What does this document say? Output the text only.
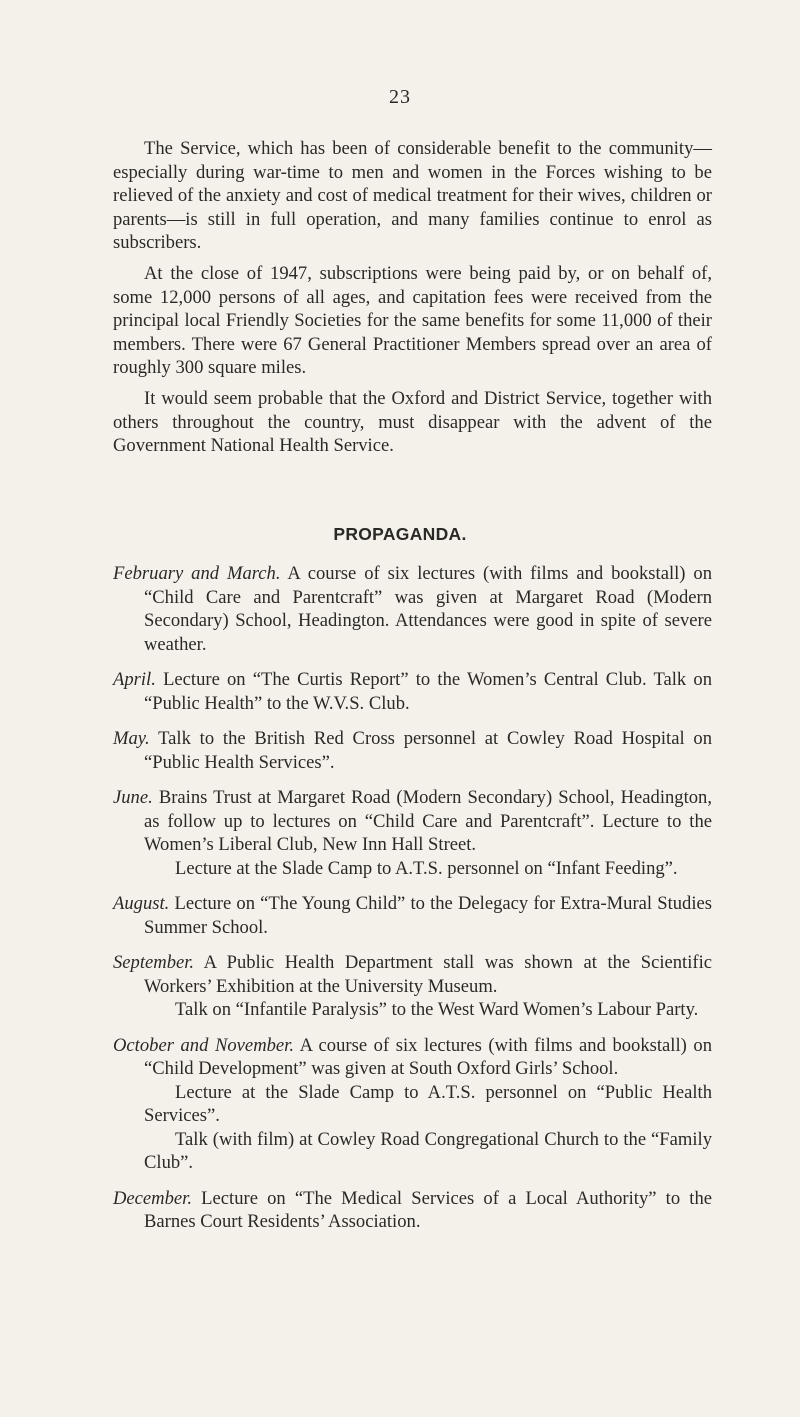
23

The Service, which has been of considerable benefit to the community—especially during war-time to men and women in the Forces wishing to be relieved of the anxiety and cost of medical treatment for their wives, children or parents—is still in full operation, and many families continue to enrol as subscribers.

At the close of 1947, subscriptions were being paid by, or on behalf of, some 12,000 persons of all ages, and capitation fees were received from the principal local Friendly Societies for the same benefits for some 11,000 of their members. There were 67 General Practitioner Members spread over an area of roughly 300 square miles.

It would seem probable that the Oxford and District Service, together with others throughout the country, must disappear with the advent of the Government National Health Service.

PROPAGANDA.

February and March. A course of six lectures (with films and bookstall) on “Child Care and Parentcraft” was given at Margaret Road (Modern Secondary) School, Headington. Attendances were good in spite of severe weather.

April. Lecture on “The Curtis Report” to the Women’s Central Club. Talk on “Public Health” to the W.V.S. Club.

May. Talk to the British Red Cross personnel at Cowley Road Hospital on “Public Health Services”.

June. Brains Trust at Margaret Road (Modern Secondary) School, Headington, as follow up to lectures on “Child Care and Parentcraft”. Lecture to the Women’s Liberal Club, New Inn Hall Street.

Lecture at the Slade Camp to A.T.S. personnel on “Infant Feeding”.

August. Lecture on “The Young Child” to the Delegacy for Extra-Mural Studies Summer School.

September. A Public Health Department stall was shown at the Scientific Workers’ Exhibition at the University Museum.

Talk on “Infantile Paralysis” to the West Ward Women’s Labour Party.

October and November. A course of six lectures (with films and bookstall) on “Child Development” was given at South Oxford Girls’ School.

Lecture at the Slade Camp to A.T.S. personnel on “Public Health Services”.

Talk (with film) at Cowley Road Congregational Church to the “Family Club”.

December. Lecture on “The Medical Services of a Local Authority” to the Barnes Court Residents’ Association.
